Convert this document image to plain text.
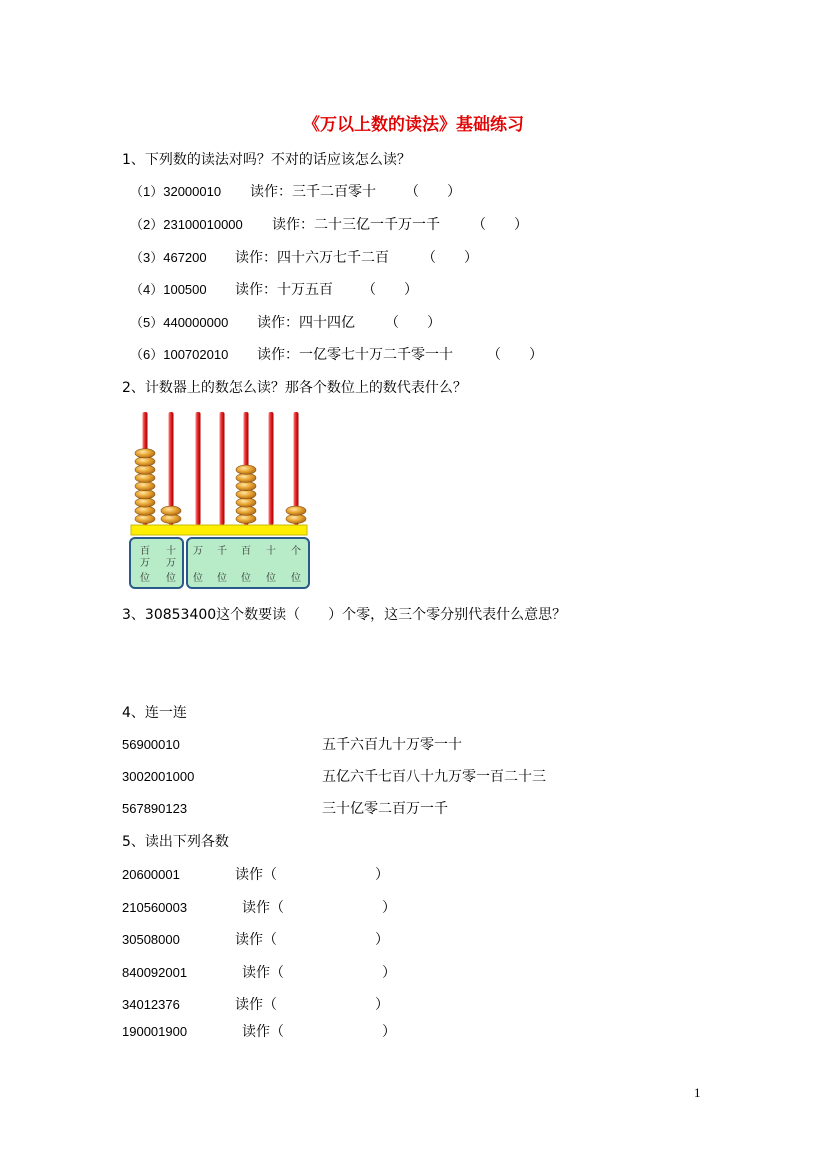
《万以上数的读法》基础练习
1、下列数的读法对吗？不对的话应该怎么读？
（1）32000010 读作：三千二百零十 （　　）
（2）23100010000 读作：二十三亿一千万一千 （　　）
（3）467200 读作：四十六万七千二百 （　　）
（4）100500 读作：十万五百 （　　）
（5）440000000 读作：四十四亿 （　　）
（6）100702010 读作：一亿零七十万二千零一十 （　　）
2、计数器上的数怎么读？那各个数位上的数代表什么？
百
万
位
十
万
位
万
位
千
位
百
位
十
位
个
位
3、30853400这个数要读（　　）个零，这三个零分别代表什么意思？
4、连一连
56900010
3002001000
567890123
五千六百九十万零一十
五亿六千七百八十九万零一百二十三
三十亿零二百万一千
5、读出下列各数
20600001	读作（　　　　　　　）
210560003	读作（　　　　　　　）
30508000	读作（　　　　　　　）
840092001	读作（　　　　　　　）
34012376	读作（　　　　　　　）
190001900	读作（　　　　　　　）
1
